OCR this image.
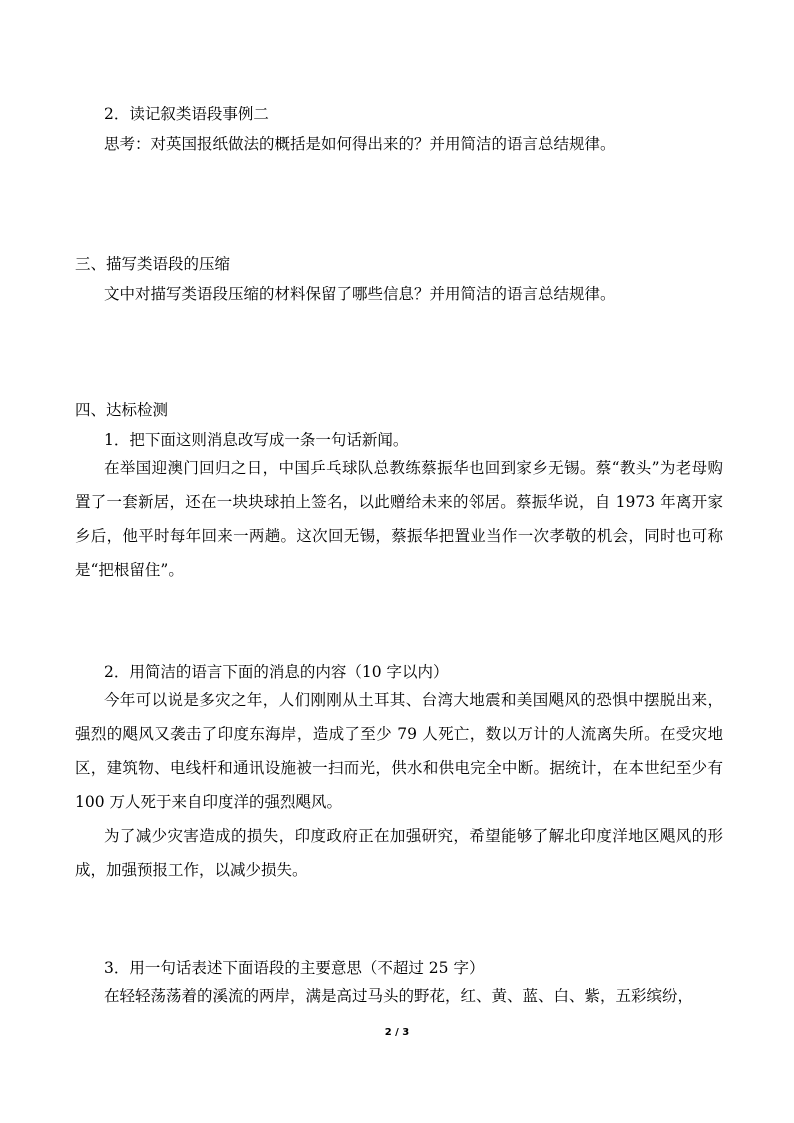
2．读记叙类语段事例二
思考：对英国报纸做法的概括是如何得出来的？并用简洁的语言总结规律。
三、描写类语段的压缩
文中对描写类语段压缩的材料保留了哪些信息？并用简洁的语言总结规律。
四、达标检测
1．把下面这则消息改写成一条一句话新闻。
在举国迎澳门回归之日，中国乒乓球队总教练蔡振华也回到家乡无锡。蔡“教头”为老母购置了一套新居，还在一块块球拍上签名，以此赠给未来的邻居。蔡振华说，自 1973 年离开家乡后，他平时每年回来一两趟。这次回无锡，蔡振华把置业当作一次孝敬的机会，同时也可称是“把根留住”。
2．用简洁的语言下面的消息的内容（10 字以内）
今年可以说是多灾之年，人们刚刚从土耳其、台湾大地震和美国飓风的恐惧中摆脱出来，强烈的飓风又袭击了印度东海岸，造成了至少 79 人死亡，数以万计的人流离失所。在受灾地区，建筑物、电线杆和通讯设施被一扫而光，供水和供电完全中断。据统计，在本世纪至少有 100 万人死于来自印度洋的强烈飓风。
为了减少灾害造成的损失，印度政府正在加强研究，希望能够了解北印度洋地区飓风的形成，加强预报工作，以减少损失。
3．用一句话表述下面语段的主要意思（不超过 25 字）
在轻轻荡荡着的溪流的两岸，满是高过马头的野花，红、黄、蓝、白、紫，五彩缤纷，
2 / 3
